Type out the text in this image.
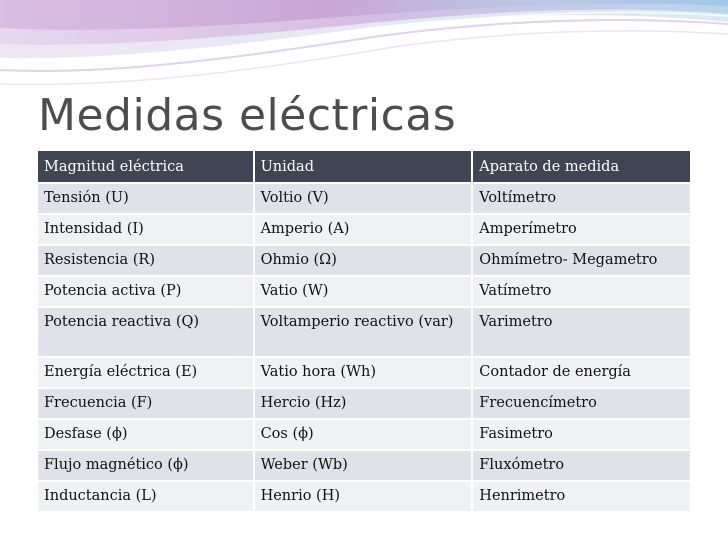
Medidas eléctricas
Magnitud eléctrica	Unidad	Aparato de medida
Tensión (U)	Voltio (V)	Voltímetro
Intensidad (I)	Amperio (A)	Amperímetro
Resistencia (R)	Ohmio (Ω)	Ohmímetro- Megametro
Potencia activa (P)	Vatio (W)	Vatímetro
Potencia reactiva (Q)	Voltamperio reactivo (var)	Varimetro
Energía eléctrica (E)	Vatio hora (Wh)	Contador de energía
Frecuencia (F)	Hercio (Hz)	Frecuencímetro
Desfase (ϕ)	Cos (ϕ)	Fasimetro
Flujo magnético (ϕ)	Weber (Wb)	Fluxómetro
Inductancia (L)	Henrio (H)	Henrimetro
